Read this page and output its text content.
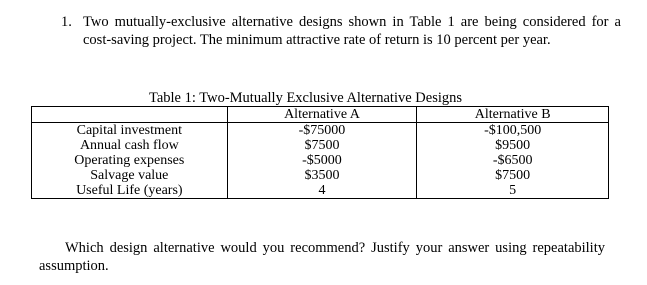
1. Two mutually-exclusive alternative designs shown in Table 1 are being considered for a cost-saving project. The minimum attractive rate of return is 10 percent per year.
Table 1: Two-Mutually Exclusive Alternative Designs
	Alternative A	Alternative B
Capital investment	-$75000	-$100,500
Annual cash flow	$7500	$9500
Operating expenses	-$5000	-$6500
Salvage value	$3500	$7500
Useful Life (years)	4	5
Which design alternative would you recommend? Justify your answer using repeatability assumption.
